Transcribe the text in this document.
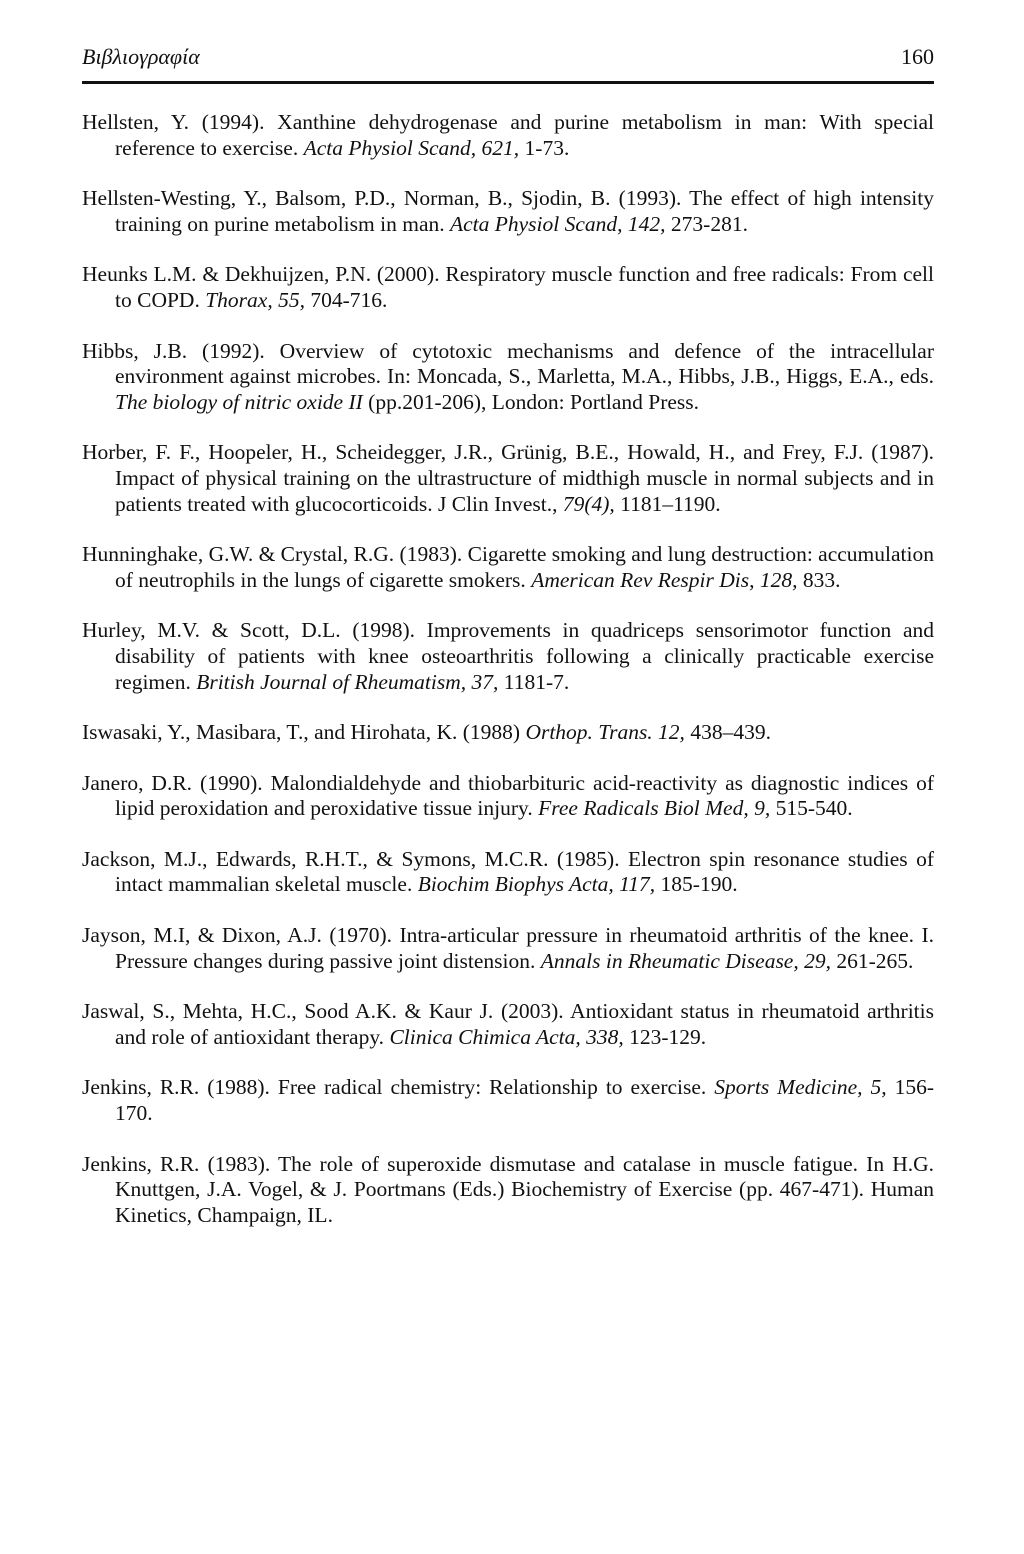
Βιβλιογραφία	160

Hellsten, Y. (1994). Xanthine dehydrogenase and purine metabolism in man: With special reference to exercise. Acta Physiol Scand, 621, 1-73.

Hellsten-Westing, Y., Balsom, P.D., Norman, B., Sjodin, B. (1993). The effect of high intensity training on purine metabolism in man. Acta Physiol Scand, 142, 273-281.

Heunks L.M. & Dekhuijzen, P.N. (2000). Respiratory muscle function and free radicals: From cell to COPD. Thorax, 55, 704-716.

Hibbs, J.B. (1992). Overview of cytotoxic mechanisms and defence of the intracellular environment against microbes. In: Moncada, S., Marletta, M.A., Hibbs, J.B., Higgs, E.A., eds. The biology of nitric oxide II (pp.201-206), London: Portland Press.

Horber, F. F., Hoopeler, H., Scheidegger, J.R., Grünig, B.E., Howald, H., and Frey, F.J. (1987). Impact of physical training on the ultrastructure of midthigh muscle in normal subjects and in patients treated with glucocorticoids. J Clin Invest., 79(4), 1181–1190.

Hunninghake, G.W. & Crystal, R.G. (1983). Cigarette smoking and lung destruction: accumulation of neutrophils in the lungs of cigarette smokers. American Rev Respir Dis, 128, 833.

Hurley, M.V. & Scott, D.L. (1998). Improvements in quadriceps sensorimotor function and disability of patients with knee osteoarthritis following a clinically practicable exercise regimen. British Journal of Rheumatism, 37, 1181-7.

Iswasaki, Y., Masibara, T., and Hirohata, K. (1988) Orthop. Trans. 12, 438–439.

Janero, D.R. (1990). Malondialdehyde and thiobarbituric acid-reactivity as diagnostic indices of lipid peroxidation and peroxidative tissue injury. Free Radicals Biol Med, 9, 515-540.

Jackson, M.J., Edwards, R.H.T., & Symons, M.C.R. (1985). Electron spin resonance studies of intact mammalian skeletal muscle. Biochim Biophys Acta, 117, 185-190.

Jayson, M.I, & Dixon, A.J. (1970). Intra-articular pressure in rheumatoid arthritis of the knee. I. Pressure changes during passive joint distension. Annals in Rheumatic Disease, 29, 261-265.

Jaswal, S., Mehta, H.C., Sood A.K. & Kaur J. (2003). Antioxidant status in rheumatoid arthritis and role of antioxidant therapy. Clinica Chimica Acta, 338, 123-129.

Jenkins, R.R. (1988). Free radical chemistry: Relationship to exercise. Sports Medicine, 5, 156-170.

Jenkins, R.R. (1983). The role of superoxide dismutase and catalase in muscle fatigue. In H.G. Knuttgen, J.A. Vogel, & J. Poortmans (Eds.) Biochemistry of Exercise (pp. 467-471). Human Kinetics, Champaign, IL.
